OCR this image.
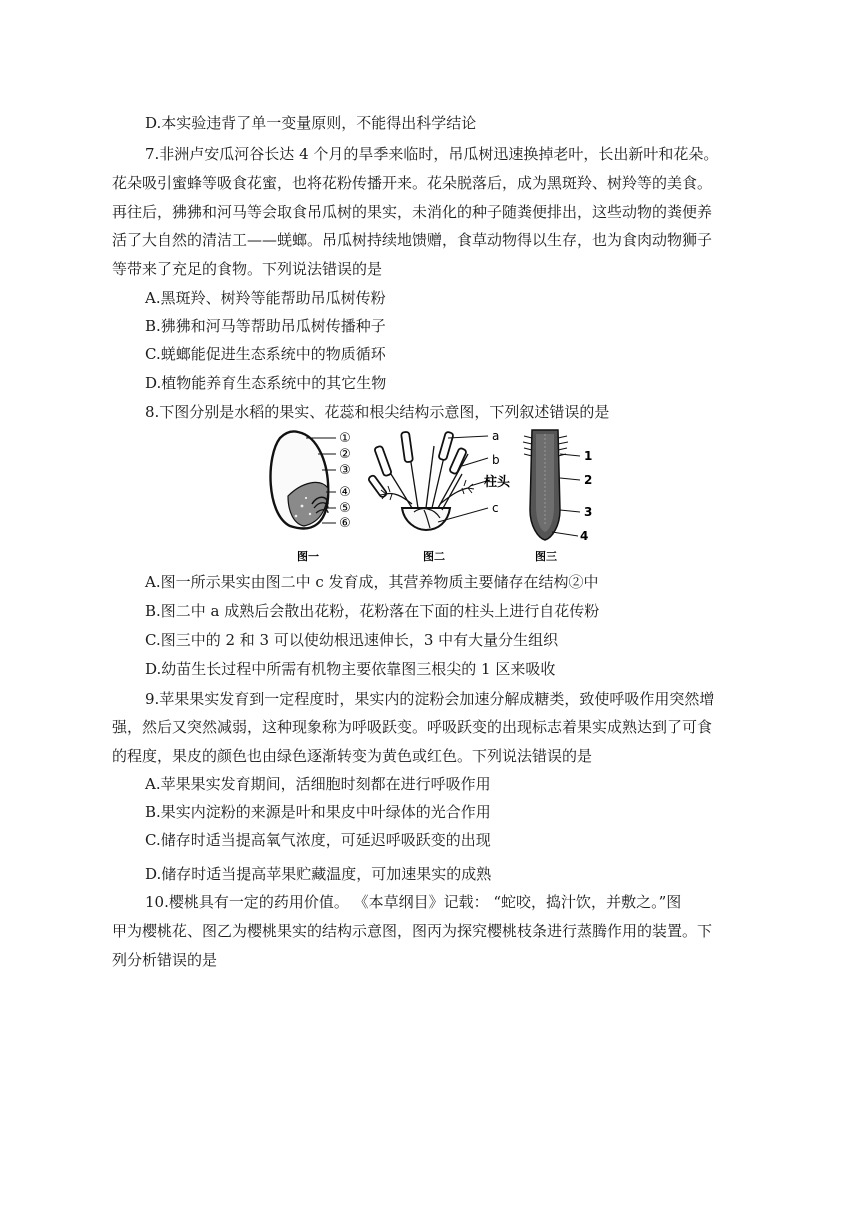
D.本实验违背了单一变量原则，不能得出科学结论
7.非洲卢安瓜河谷长达 4 个月的旱季来临时，吊瓜树迅速换掉老叶，长出新叶和花朵。
花朵吸引蜜蜂等吸食花蜜，也将花粉传播开来。花朵脱落后，成为黑斑羚、树羚等的美食。
再往后，狒狒和河马等会取食吊瓜树的果实，未消化的种子随粪便排出，这些动物的粪便养
活了大自然的清洁工——蜣螂。吊瓜树持续地馈赠，食草动物得以生存，也为食肉动物狮子
等带来了充足的食物。下列说法错误的是
A.黑斑羚、树羚等能帮助吊瓜树传粉
B.狒狒和河马等帮助吊瓜树传播种子
C.蜣螂能促进生态系统中的物质循环
D.植物能养育生态系统中的其它生物
8.下图分别是水稻的果实、花蕊和根尖结构示意图，下列叙述错误的是
①
②
③
④
⑤
⑥
图一
a
b
柱头
c
图二
1
2
3
4
图三
A.图一所示果实由图二中 c 发育成，其营养物质主要储存在结构②中
B.图二中 a 成熟后会散出花粉，花粉落在下面的柱头上进行自花传粉
C.图三中的 2 和 3 可以使幼根迅速伸长，3 中有大量分生组织
D.幼苗生长过程中所需有机物主要依靠图三根尖的 1 区来吸收
9.苹果果实发育到一定程度时，果实内的淀粉会加速分解成糖类，致使呼吸作用突然增
强，然后又突然减弱，这种现象称为呼吸跃变。呼吸跃变的出现标志着果实成熟达到了可食
的程度，果皮的颜色也由绿色逐渐转变为黄色或红色。下列说法错误的是
A.苹果果实发育期间，活细胞时刻都在进行呼吸作用
B.果实内淀粉的来源是叶和果皮中叶绿体的光合作用
C.储存时适当提高氧气浓度，可延迟呼吸跃变的出现
D.储存时适当提高苹果贮藏温度，可加速果实的成熟
10.樱桃具有一定的药用价值。 《本草纲目》记载： “蛇咬，捣汁饮，并敷之。”图
甲为樱桃花、图乙为樱桃果实的结构示意图，图丙为探究樱桃枝条进行蒸腾作用的装置。下
列分析错误的是
